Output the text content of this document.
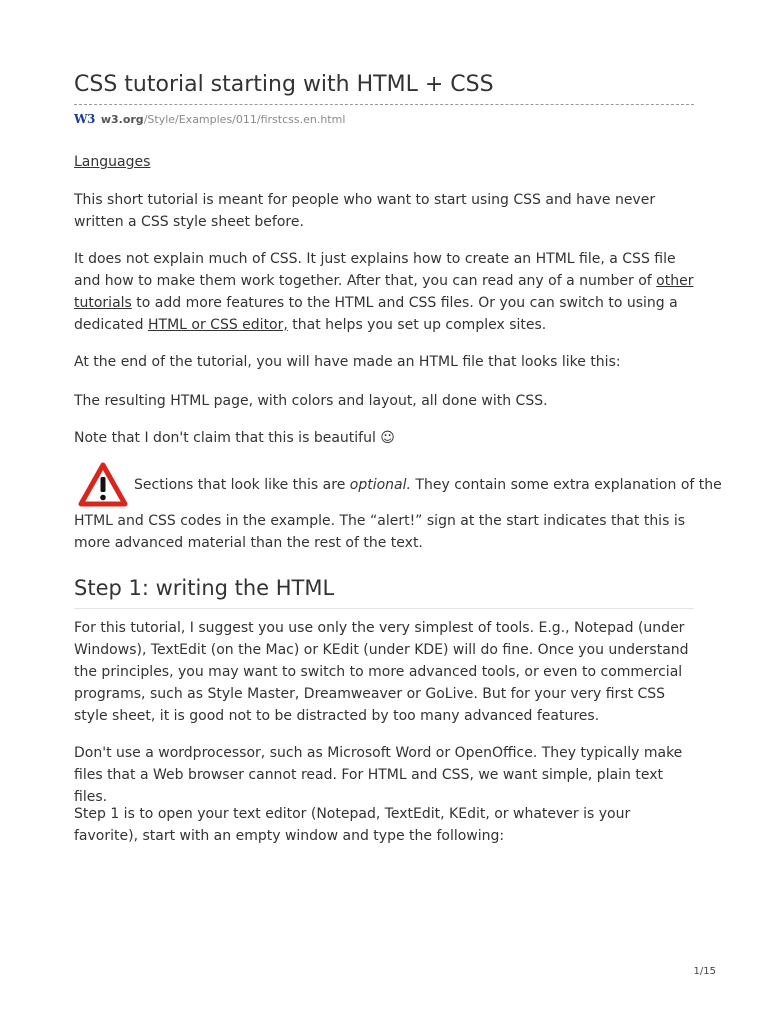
CSS tutorial starting with HTML + CSS
W3 w3.org /Style/Examples/011/firstcss.en.html

Languages

This short tutorial is meant for people who want to start using CSS and have never written a CSS style sheet before.

It does not explain much of CSS. It just explains how to create an HTML file, a CSS file and how to make them work together. After that, you can read any of a number of other tutorials to add more features to the HTML and CSS files. Or you can switch to using a dedicated HTML or CSS editor, that helps you set up complex sites.

At the end of the tutorial, you will have made an HTML file that looks like this:

The resulting HTML page, with colors and layout, all done with CSS.

Note that I don't claim that this is beautiful ☺

Sections that look like this are optional. They contain some extra explanation of the

HTML and CSS codes in the example. The “alert!” sign at the start indicates that this is more advanced material than the rest of the text.

Step 1: writing the HTML

For this tutorial, I suggest you use only the very simplest of tools. E.g., Notepad (under Windows), TextEdit (on the Mac) or KEdit (under KDE) will do fine. Once you understand the principles, you may want to switch to more advanced tools, or even to commercial programs, such as Style Master, Dreamweaver or GoLive. But for your very first CSS style sheet, it is good not to be distracted by too many advanced features.

Don't use a wordprocessor, such as Microsoft Word or OpenOffice. They typically make files that a Web browser cannot read. For HTML and CSS, we want simple, plain text files.

Step 1 is to open your text editor (Notepad, TextEdit, KEdit, or whatever is your favorite), start with an empty window and type the following:

1/15
